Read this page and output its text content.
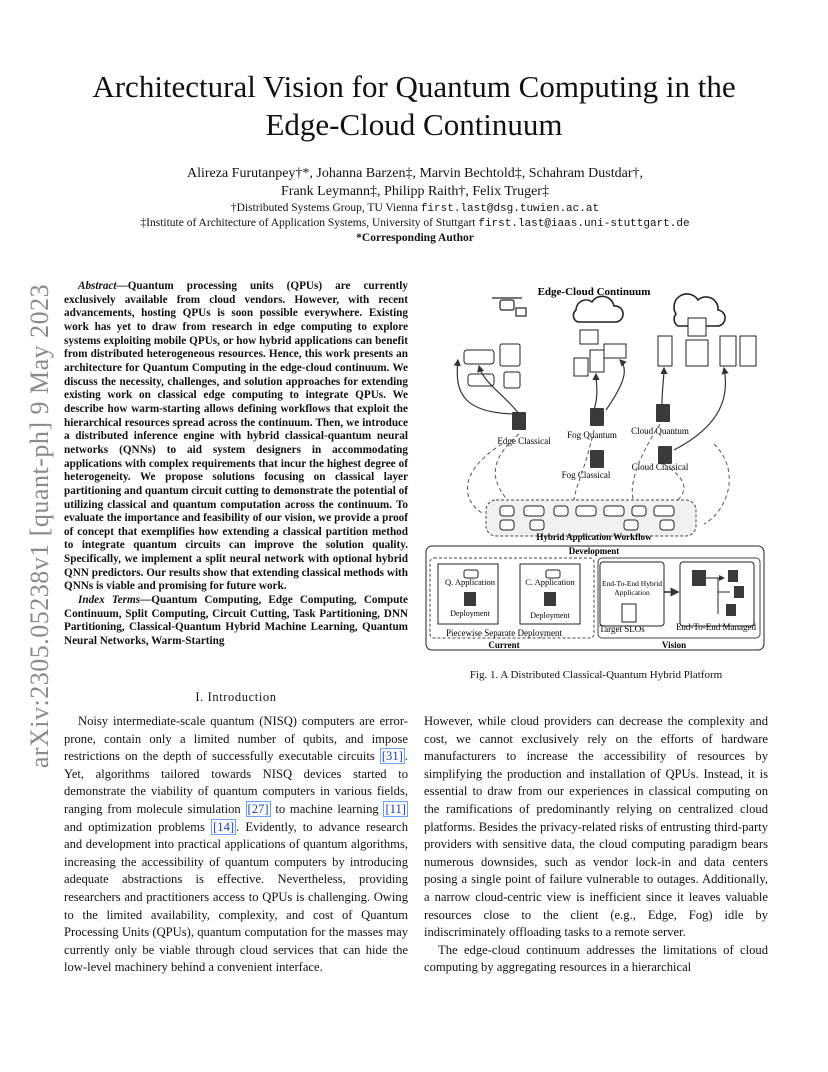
arXiv:2305.05238v1 [quant-ph] 9 May 2023
Architectural Vision for Quantum Computing in the
Edge-Cloud Continuum
Alireza Furutanpey†*, Johanna Barzen‡, Marvin Bechtold‡, Schahram Dustdar†,
Frank Leymann‡, Philipp Raith†, Felix Truger‡
†Distributed Systems Group, TU Vienna first.last@dsg.tuwien.ac.at
‡Institute of Architecture of Application Systems, University of Stuttgart first.last@iaas.uni-stuttgart.de
*Corresponding Author
Abstract—Quantum processing units (QPUs) are currently exclusively available from cloud vendors. However, with recent advancements, hosting QPUs is soon possible everywhere. Existing work has yet to draw from research in edge computing to explore systems exploiting mobile QPUs, or how hybrid applications can benefit from distributed heterogeneous resources. Hence, this work presents an architecture for Quantum Computing in the edge-cloud continuum. We discuss the necessity, challenges, and solution approaches for extending existing work on classical edge computing to integrate QPUs. We describe how warm-starting allows defining workflows that exploit the hierarchical resources spread across the continuum. Then, we introduce a distributed inference engine with hybrid classical-quantum neural networks (QNNs) to aid system designers in accommodating applications with complex requirements that incur the highest degree of heterogeneity. We propose solutions focusing on classical layer partitioning and quantum circuit cutting to demonstrate the potential of utilizing classical and quantum computation across the continuum. To evaluate the importance and feasibility of our vision, we provide a proof of concept that exemplifies how extending a classical partition method to integrate quantum circuits can improve the solution quality. Specifically, we implement a split neural network with optional hybrid QNN predictors. Our results show that extending classical methods with QNNs is viable and promising for future work.
Index Terms—Quantum Computing, Edge Computing, Compute Continuum, Split Computing, Circuit Cutting, Task Partitioning, DNN Partitioning, Classical-Quantum Hybrid Machine Learning, Quantum Neural Networks, Warm-Starting
I. Introduction

Noisy intermediate-scale quantum (NISQ) computers are error-prone, contain only a limited number of qubits, and impose restrictions on the depth of successfully executable circuits [31] . Yet, algorithms tailored towards NISQ devices started to demonstrate the viability of quantum computers in various fields, ranging from molecule simulation [27] to machine learning [11] and optimization problems [14] . Evidently, to advance research and development into practical applications of quantum algorithms, increasing the accessibility of quantum computers by introducing adequate abstractions is effective. Nevertheless, providing researchers and practitioners access to QPUs is challenging. Owing to the limited availability, complexity, and cost of Quantum Processing Units (QPUs), quantum computation for the masses may currently only be viable through cloud services that can hide the low-level machinery behind a convenient interface.

However, while cloud providers can decrease the complexity and cost, we cannot exclusively rely on the efforts of hardware manufacturers to increase the accessibility of resources by simplifying the production and installation of QPUs. Instead, it is essential to draw from our experiences in classical computing on the ramifications of predominantly relying on centralized cloud platforms. Besides the privacy-related risks of entrusting third-party providers with sensitive data, the cloud computing paradigm bears numerous downsides, such as vendor lock-in and data centers posing a single point of failure vulnerable to outages. Additionally, a narrow cloud-centric view is inefficient since it leaves valuable resources close to the client (e.g., Edge, Fog) idle by indiscriminately offloading tasks to a remote server.

The edge-cloud continuum addresses the limitations of cloud computing by aggregating resources in a hierarchical

Edge-Cloud Continuum
Edge Classical
Fog Quantum Cloud Quantum
Fog Classical
Cloud Classical
Hybrid Application Workflow
Development
Q. Application	C. Application
Deployment	Deployment
Piecewise Separate Deployment
Current
End-To-End Hybrid
Application
Target SLOs	End-To-End Managed
Vision
Fig. 1. A Distributed Classical-Quantum Hybrid Platform
